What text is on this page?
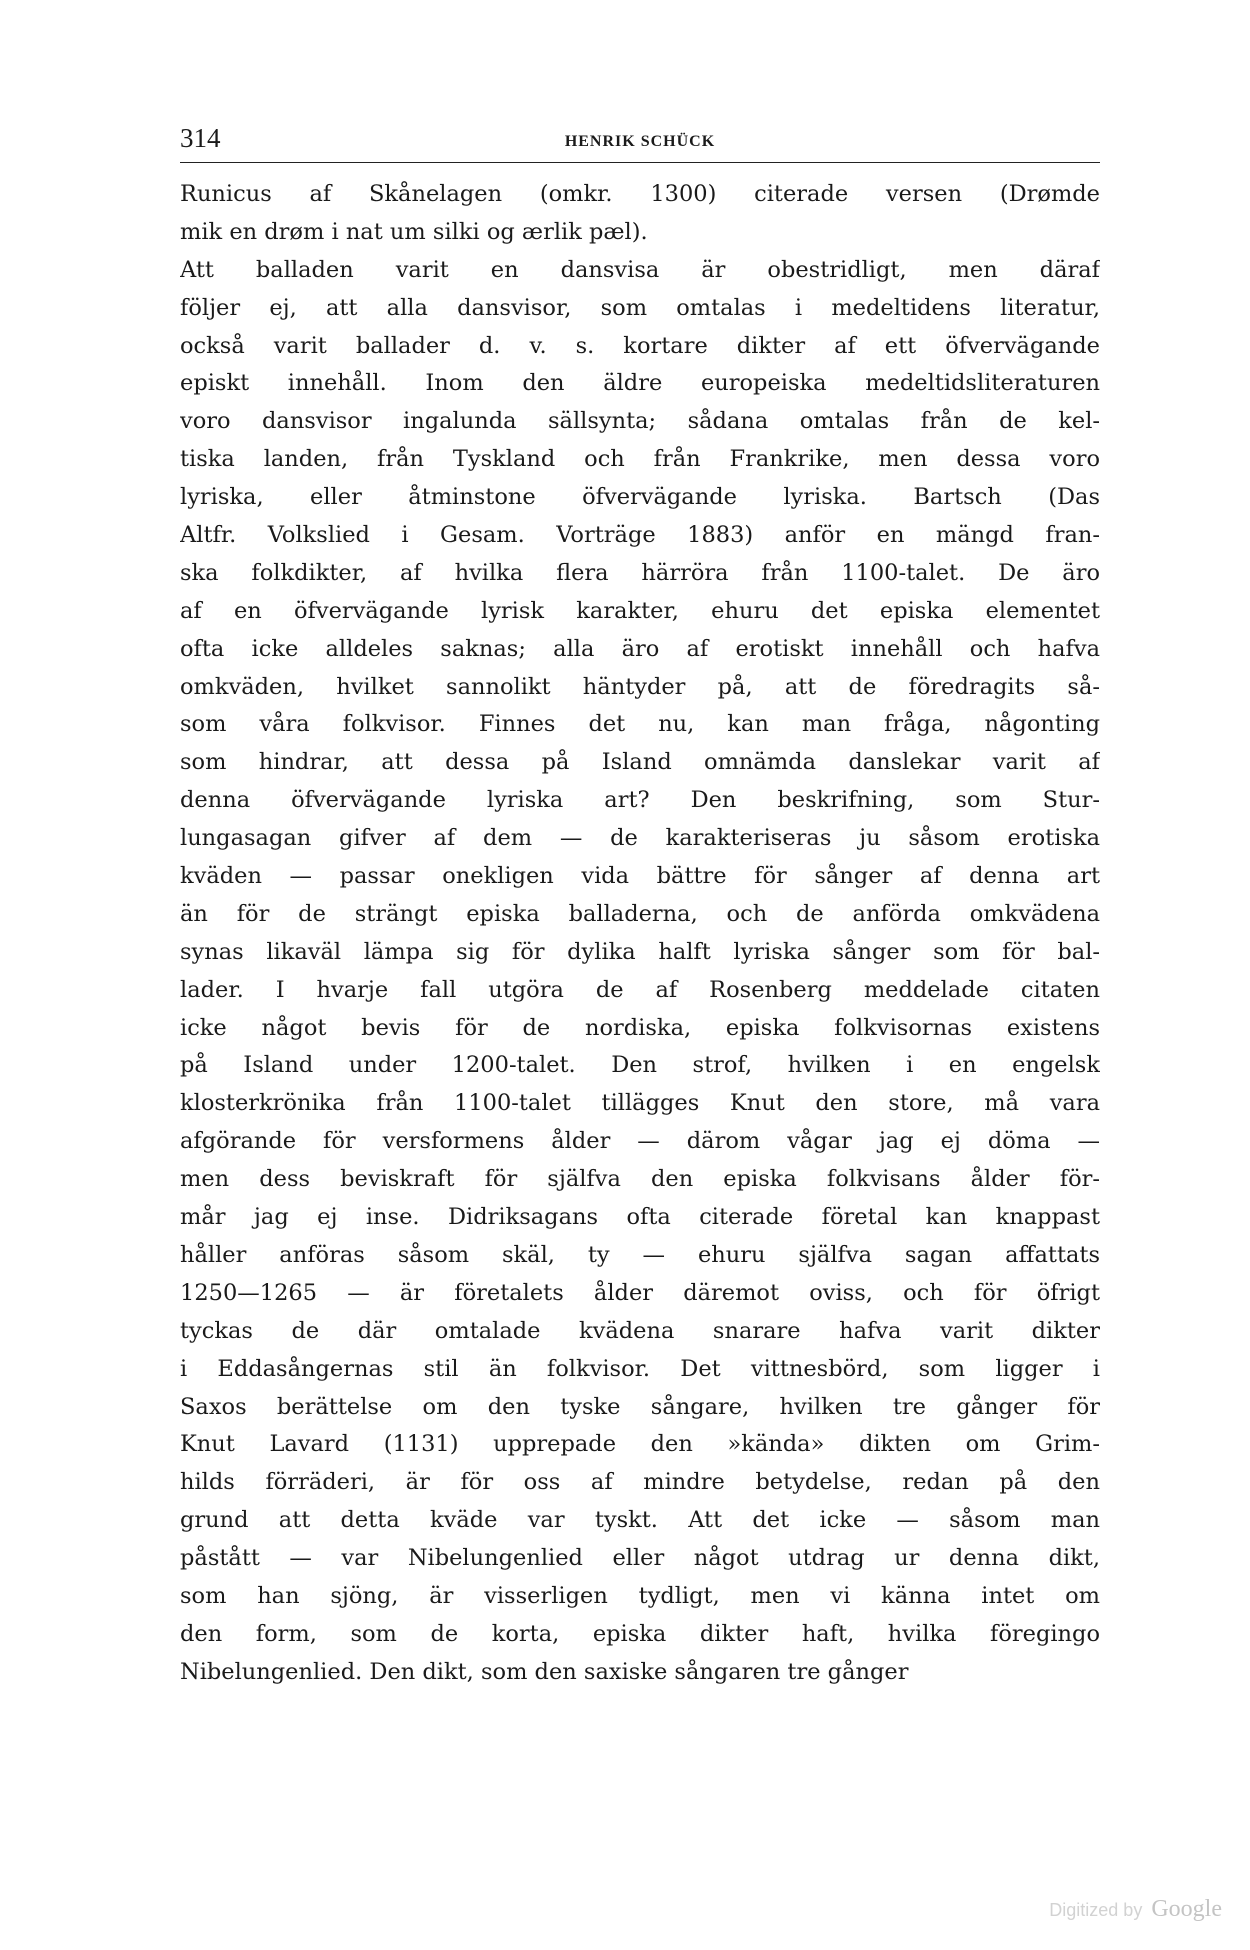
314	HENRIK SCHÜCK
Runicus af Skånelagen (omkr. 1300) citerade versen (Drømde
mik en drøm i nat um silki og ærlik pæl).
Att balladen varit en dansvisa är obestridligt, men däraf
följer ej, att alla dansvisor, som omtalas i medeltidens literatur,
också varit ballader d. v. s. kortare dikter af ett öfvervägande
episkt innehåll. Inom den äldre europeiska medeltidsliteraturen
voro dansvisor ingalunda sällsynta; sådana omtalas från de kel-
tiska landen, från Tyskland och från Frankrike, men dessa voro
lyriska, eller åtminstone öfvervägande lyriska. Bartsch (Das
Altfr. Volkslied i Gesam. Vorträge 1883) anför en mängd fran-
ska folkdikter, af hvilka flera härröra från 1100-talet. De äro
af en öfvervägande lyrisk karakter, ehuru det episka elementet
ofta icke alldeles saknas; alla äro af erotiskt innehåll och hafva
omkväden, hvilket sannolikt häntyder på, att de föredragits så-
som våra folkvisor. Finnes det nu, kan man fråga, någonting
som hindrar, att dessa på Island omnämda danslekar varit af
denna öfvervägande lyriska art? Den beskrifning, som Stur-
lungasagan gifver af dem — de karakteriseras ju såsom erotiska
kväden — passar onekligen vida bättre för sånger af denna art
än för de strängt episka balladerna, och de anförda omkvädena
synas likaväl lämpa sig för dylika halft lyriska sånger som för bal-
lader. I hvarje fall utgöra de af Rosenberg meddelade citaten
icke något bevis för de nordiska, episka folkvisornas existens
på Island under 1200-talet. Den strof, hvilken i en engelsk
klosterkrönika från 1100-talet tillägges Knut den store, må vara
afgörande för versformens ålder — därom vågar jag ej döma —
men dess beviskraft för själfva den episka folkvisans ålder för-
mår jag ej inse. Didriksagans ofta citerade företal kan knappast
håller anföras såsom skäl, ty — ehuru själfva sagan affattats
1250—1265 — är företalets ålder däremot oviss, och för öfrigt
tyckas de där omtalade kvädena snarare hafva varit dikter
i Eddasångernas stil än folkvisor. Det vittnesbörd, som ligger i
Saxos berättelse om den tyske sångare, hvilken tre gånger för
Knut Lavard (1131) upprepade den »kända» dikten om Grim-
hilds förräderi, är för oss af mindre betydelse, redan på den
grund att detta kväde var tyskt. Att det icke — såsom man
påstått — var Nibelungenlied eller något utdrag ur denna dikt,
som han sjöng, är visserligen tydligt, men vi känna intet om
den form, som de korta, episka dikter haft, hvilka föregingo
Nibelungenlied. Den dikt, som den saxiske sångaren tre gånger
Digitized by Google
